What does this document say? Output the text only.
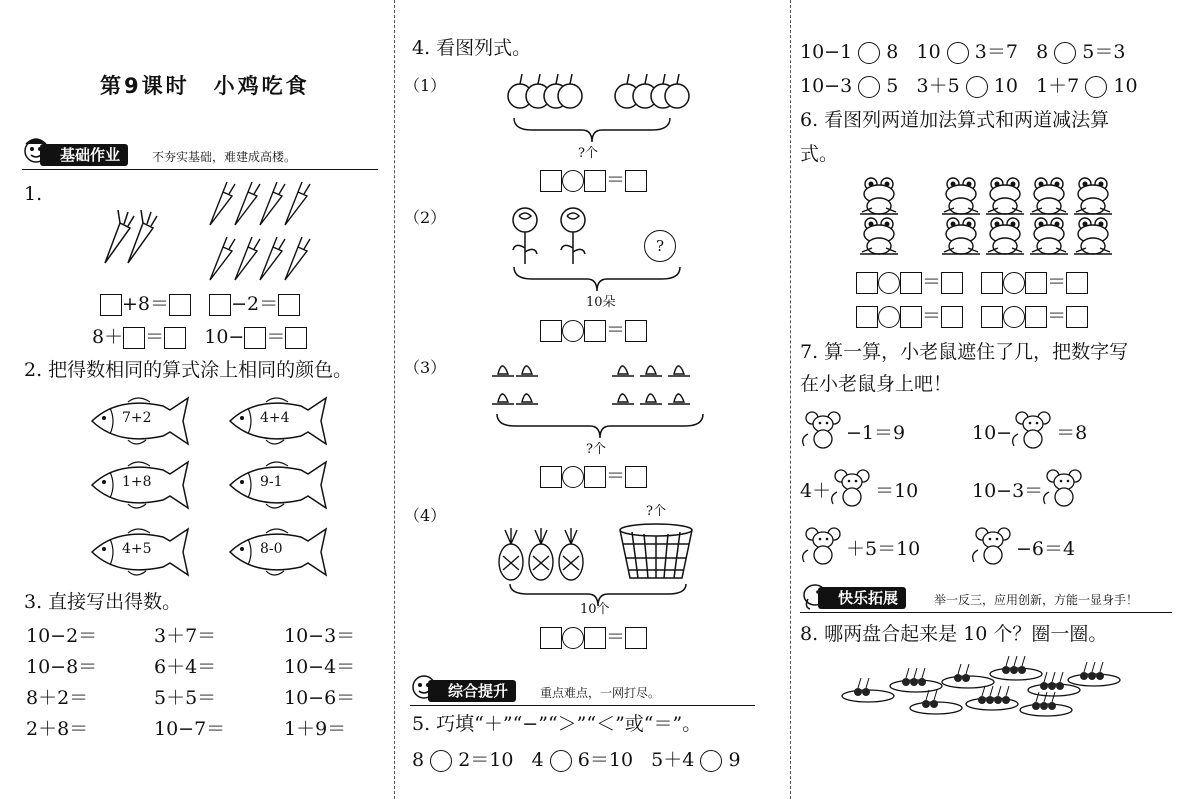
第9课时　小鸡吃食
基础作业	不夯实基础，难建成高楼。
1.
+8＝	−2＝
8＋ ＝ 10− ＝
2. 把得数相同的算式涂上相同的颜色。
7+2	4+4
1+8	9-1
4+5	8-0
3. 直接写出得数。
10−2＝	3＋7＝	10−3＝
10−8＝	6＋4＝	10−4＝
8＋2＝	5＋5＝	10−6＝
2＋8＝	10−7＝	1＋9＝
4. 看图列式。
（1）
?个
＝
（2）
?
10朵
＝
（3）
?个
＝
（4）	?个
10个
＝
综合提升	重点难点，一网打尽。
5. 巧填“＋”“−”“＞”“＜”或“＝”。
8 2＝10 4 6＝10 5＋4 9
10−1 8 10 3＝7 8 5＝3
10−3 5 3＋5 10 1＋7 10
6. 看图列两道加法算式和两道减法算
式。
＝	＝
＝	＝
7. 算一算，小老鼠遮住了几，把数字写
在小老鼠身上吧！
−1＝9	10− ＝8
4＋ ＝10	10−3＝
＋5＝10	−6＝4
快乐拓展	举一反三，应用创新，方能一显身手！
8. 哪两盘合起来是 10 个？圈一圈。
